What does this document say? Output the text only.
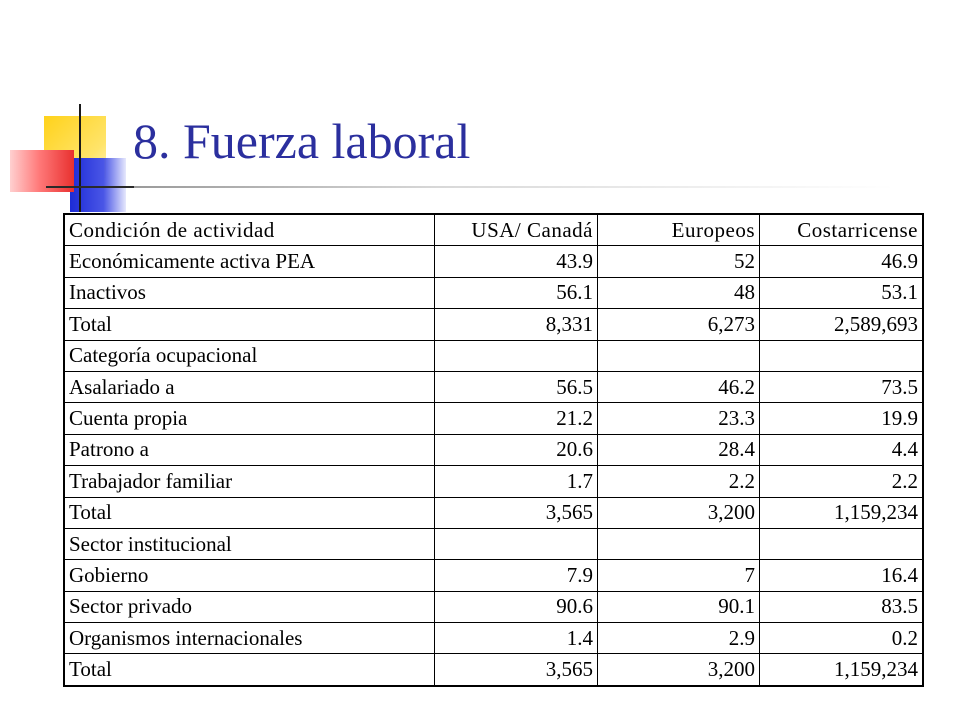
8. Fuerza laboral
Condición de actividad	USA/ Canadá	Europeos	Costarricense
Económicamente activa PEA	43.9	52	46.9
Inactivos	56.1	48	53.1
Total	8,331	6,273	2,589,693
Categoría ocupacional			
Asalariado a	56.5	46.2	73.5
Cuenta propia	21.2	23.3	19.9
Patrono a	20.6	28.4	4.4
Trabajador familiar	1.7	2.2	2.2
Total	3,565	3,200	1,159,234
Sector institucional			
Gobierno	7.9	7	16.4
Sector privado	90.6	90.1	83.5
Organismos internacionales	1.4	2.9	0.2
Total	3,565	3,200	1,159,234
